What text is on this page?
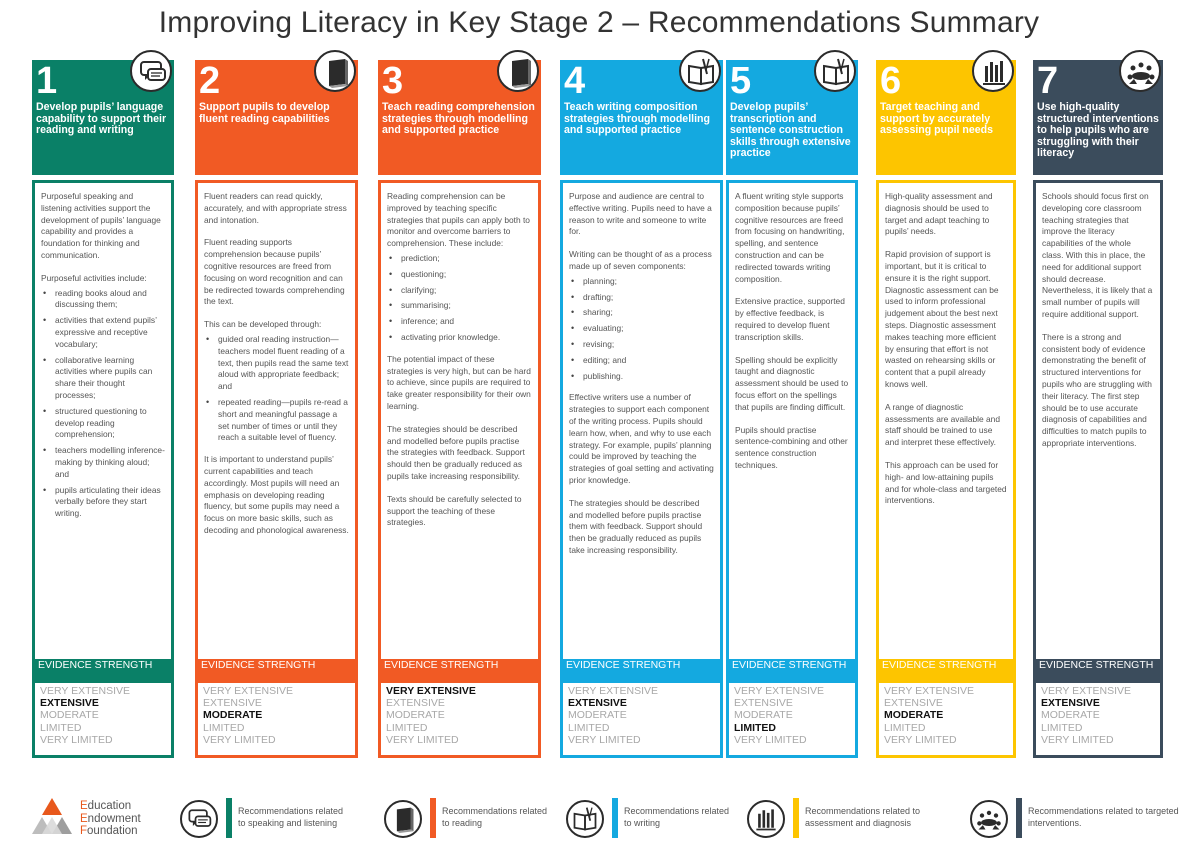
Improving Literacy in Key Stage 2 – Recommendations Summary
1
Develop pupils’ language capability to support their reading and writing
Purposeful speaking and listening activities support the development of pupils’ language capability and provides a foundation for thinking and communication.
Purposeful activities include:
• reading books aloud and discussing them;
• activities that extend pupils’ expressive and receptive vocabulary;
• collaborative learning activities where pupils can share their thought processes;
• structured questioning to develop reading comprehension;
• teachers modelling inference-making by thinking aloud; and
• pupils articulating their ideas verbally before they start writing.
EVIDENCE STRENGTH
VERY EXTENSIVE
EXTENSIVE
MODERATE
LIMITED
VERY LIMITED
2
Support pupils to develop fluent reading capabilities
Fluent readers can read quickly, accurately, and with appropriate stress and intonation.
Fluent reading supports comprehension because pupils’ cognitive resources are freed from focusing on word recognition and can be redirected towards comprehending the text.
This can be developed through:
• guided oral reading instruction—teachers model fluent reading of a text, then pupils read the same text aloud with appropriate feedback; and
• repeated reading—pupils re-read a short and meaningful passage a set number of times or until they reach a suitable level of fluency.
It is important to understand pupils’ current capabilities and teach accordingly. Most pupils will need an emphasis on developing reading fluency, but some pupils may need a focus on more basic skills, such as decoding and phonological awareness.
EVIDENCE STRENGTH
VERY EXTENSIVE
EXTENSIVE
MODERATE
LIMITED
VERY LIMITED
3
Teach reading comprehension strategies through modelling and supported practice
Reading comprehension can be improved by teaching specific strategies that pupils can apply both to monitor and overcome barriers to comprehension. These include:
• prediction;
• questioning;
• clarifying;
• summarising;
• inference; and
• activating prior knowledge.
The potential impact of these strategies is very high, but can be hard to achieve, since pupils are required to take greater responsibility for their own learning.
The strategies should be described and modelled before pupils practise the strategies with feedback. Support should then be gradually reduced as pupils take increasing responsibility.
Texts should be carefully selected to support the teaching of these strategies.
EVIDENCE STRENGTH
VERY EXTENSIVE
EXTENSIVE
MODERATE
LIMITED
VERY LIMITED
4
Teach writing composition strategies through modelling and supported practice
Purpose and audience are central to effective writing. Pupils need to have a reason to write and someone to write for.
Writing can be thought of as a process made up of seven components:
• planning;
• drafting;
• sharing;
• evaluating;
• revising;
• editing; and
• publishing.
Effective writers use a number of strategies to support each component of the writing process. Pupils should learn how, when, and why to use each strategy. For example, pupils’ planning could be improved by teaching the strategies of goal setting and activating prior knowledge.
The strategies should be described and modelled before pupils practise them with feedback. Support should then be gradually reduced as pupils take increasing responsibility.
EVIDENCE STRENGTH
VERY EXTENSIVE
EXTENSIVE
MODERATE
LIMITED
VERY LIMITED
5
Develop pupils’ transcription and sentence construction skills through extensive practice
A fluent writing style supports composition because pupils’ cognitive resources are freed from focusing on handwriting, spelling, and sentence construction and can be redirected towards writing composition.
Extensive practice, supported by effective feedback, is required to develop fluent transcription skills.
Spelling should be explicitly taught and diagnostic assessment should be used to focus effort on the spellings that pupils are finding difficult.
Pupils should practise sentence-combining and other sentence construction techniques.
EVIDENCE STRENGTH
VERY EXTENSIVE
EXTENSIVE
MODERATE
LIMITED
VERY LIMITED
6
Target teaching and support by accurately assessing pupil needs
High-quality assessment and diagnosis should be used to target and adapt teaching to pupils’ needs.
Rapid provision of support is important, but it is critical to ensure it is the right support. Diagnostic assessment can be used to inform professional judgement about the best next steps. Diagnostic assessment makes teaching more efficient by ensuring that effort is not wasted on rehearsing skills or content that a pupil already knows well.
A range of diagnostic assessments are available and staff should be trained to use and interpret these effectively.
This approach can be used for high- and low-attaining pupils and for whole-class and targeted interventions.
EVIDENCE STRENGTH
VERY EXTENSIVE
EXTENSIVE
MODERATE
LIMITED
VERY LIMITED
7
Use high-quality structured interventions to help pupils who are struggling with their literacy
Schools should focus first on developing core classroom teaching strategies that improve the literacy capabilities of the whole class. With this in place, the need for additional support should decrease. Nevertheless, it is likely that a small number of pupils will require additional support.
There is a strong and consistent body of evidence demonstrating the benefit of structured interventions for pupils who are struggling with their literacy. The first step should be to use accurate diagnosis of capabilities and difficulties to match pupils to appropriate interventions.
EVIDENCE STRENGTH
VERY EXTENSIVE
EXTENSIVE
MODERATE
LIMITED
VERY LIMITED
Education
Endowment
Foundation
Recommendations related to speaking and listening
Recommendations related to reading
Recommendations related to writing
Recommendations related to assessment and diagnosis
Recommendations related to targeted interventions.
